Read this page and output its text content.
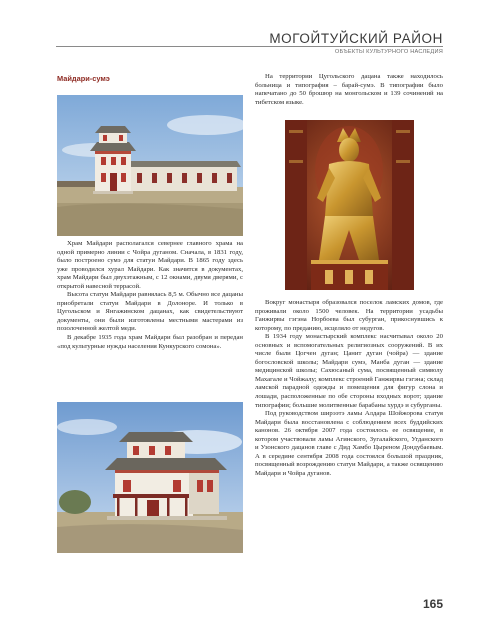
МОГОЙТУЙСКИЙ РАЙОН
ОБЪЕКТЫ КУЛЬТУРНОГО НАСЛЕДИЯ
Майдари-сумэ

Храм Майдари располагался севернее главного храма на одной примерно линии с Чойра дуганом. Сначала, в 1831 году, было построено сумэ для статуи Майдари. В 1865 году здесь уже проводился хурал Майдари. Как значится в документах, храм Майдари был двухэтажным, с 12 окнами, двумя дверями, с открытой навесной террасой.

Высота статуи Майдари равнялась 8,5 м. Обычно все дацаны приобретали статуи Майдари в Долоноре. И только в Цугольском и Янгажинском дацанах, как свидетельствуют документы, они были изготовлены местными мастерами из позолоченной желтой меди.

В декабре 1935 года храм Майдари был разобран и передан «под культурные нужды населения Кункурского сомона».

На территории Цугольского дацана также находилось больница и типография – барай-сумэ. В типографии было напечатано до 50 брошюр на монгольском и 139 сочинений на тибетском языке.

Вокруг монастыря образовался поселок ламских домов, где проживали около 1500 человек. На территории усадьбы Ганжирвы гэгэна Норбоева был субурган, прикоснувшись к которому, по преданию, исцеляло от недугов.

В 1934 году монастырский комплекс насчитывал около 20 основных и вспомогательных религиозных сооружений. В их числе были Цогчен дуган; Цанит дуган (чойра) — здание богословской школы; Майдари сумэ, Манба дуган — здание медицинской школы; Сахюсаный сума, посвященный символу Махагале и Чойжалу; комплекс строений Ганжирвы гэгэна; склад ламской парадной одежды и помещения для фигур слона и лошади, расположенные по обе стороны входных ворот; здание типографии; большие молитвенные барабаны хурдэ и субурганы.

Под руководством ширээтэ ламы Алдара Шойжорова статуя Майдари была восстановлена с соблюдением всех буддийских канонов. 26 октября 2007 года состоялось ее освящение, в котором участвовали ламы Агинского, Зугалайского, Угданского и Узонского дацанов главе с Дид Хамбо Цыреном Дондубаевым. А в середине сентября 2008 года состоялся большой праздник, посвященный возрождению статуи Майдари, а также освящению Майдари и Чойра дуганов.

165
